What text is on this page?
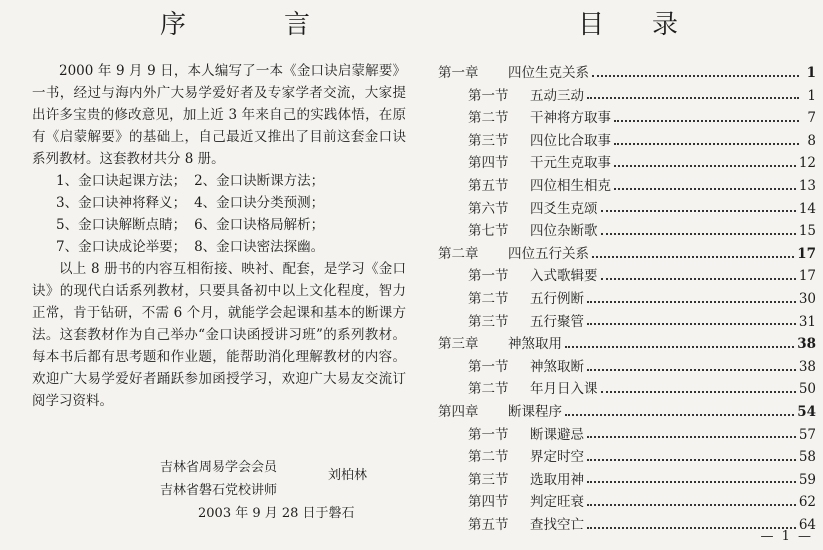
序	言

2000 年 9 月 9 日，本人编写了一本《金口诀启蒙解要》一书，经过与海内外广大易学爱好者及专家学者交流，大家提出许多宝贵的修改意见，加上近 3 年来自己的实践体悟，在原有《启蒙解要》的基础上，自己最近又推出了目前这套金口诀系列教材。这套教材共分 8 册。

1、金口诀起课方法； 2、金口诀断课方法；
3、金口诀神将释义； 4、金口诀分类预测；
5、金口诀解断点睛； 6、金口诀格局解析；
7、金口诀成论举要； 8、金口诀密法探幽。

以上 8 册书的内容互相衔接、映衬、配套，是学习《金口诀》的现代白话系列教材，只要具备初中以上文化程度，智力正常，肯于钻研，不需 6 个月，就能学会起课和基本的断课方法。这套教材作为自己举办“金口诀函授讲习班”的系列教材。每本书后都有思考题和作业题，能帮助消化理解教材的内容。欢迎广大易学爱好者踊跃参加函授学习，欢迎广大易友交流订阅学习资料。

吉林省周易学会会员
吉林省磐石党校讲师
刘柏林
2003 年 9 月 28 日于磐石
目 录
第一章 四位生克关系	1
第一节 五动三动	1
第二节 干神将方取事	7
第三节 四位比合取事	8
第四节 干元生克取事	12
第五节 四位相生相克	13
第六节 四爻生克颂	14
第七节 四位杂断歌	15
第二章 四位五行关系	17
第一节 入式歌辑要	17
第二节 五行例断	30
第三节 五行聚管	31
第三章 神煞取用	38
第一节 神煞取断	38
第二节 年月日入课	50
第四章 断课程序	54
第一节 断课避忌	57
第二节 界定时空	58
第三节 选取用神	59
第四节 判定旺衰	62
第五节 查找空亡	64
— 1 —
